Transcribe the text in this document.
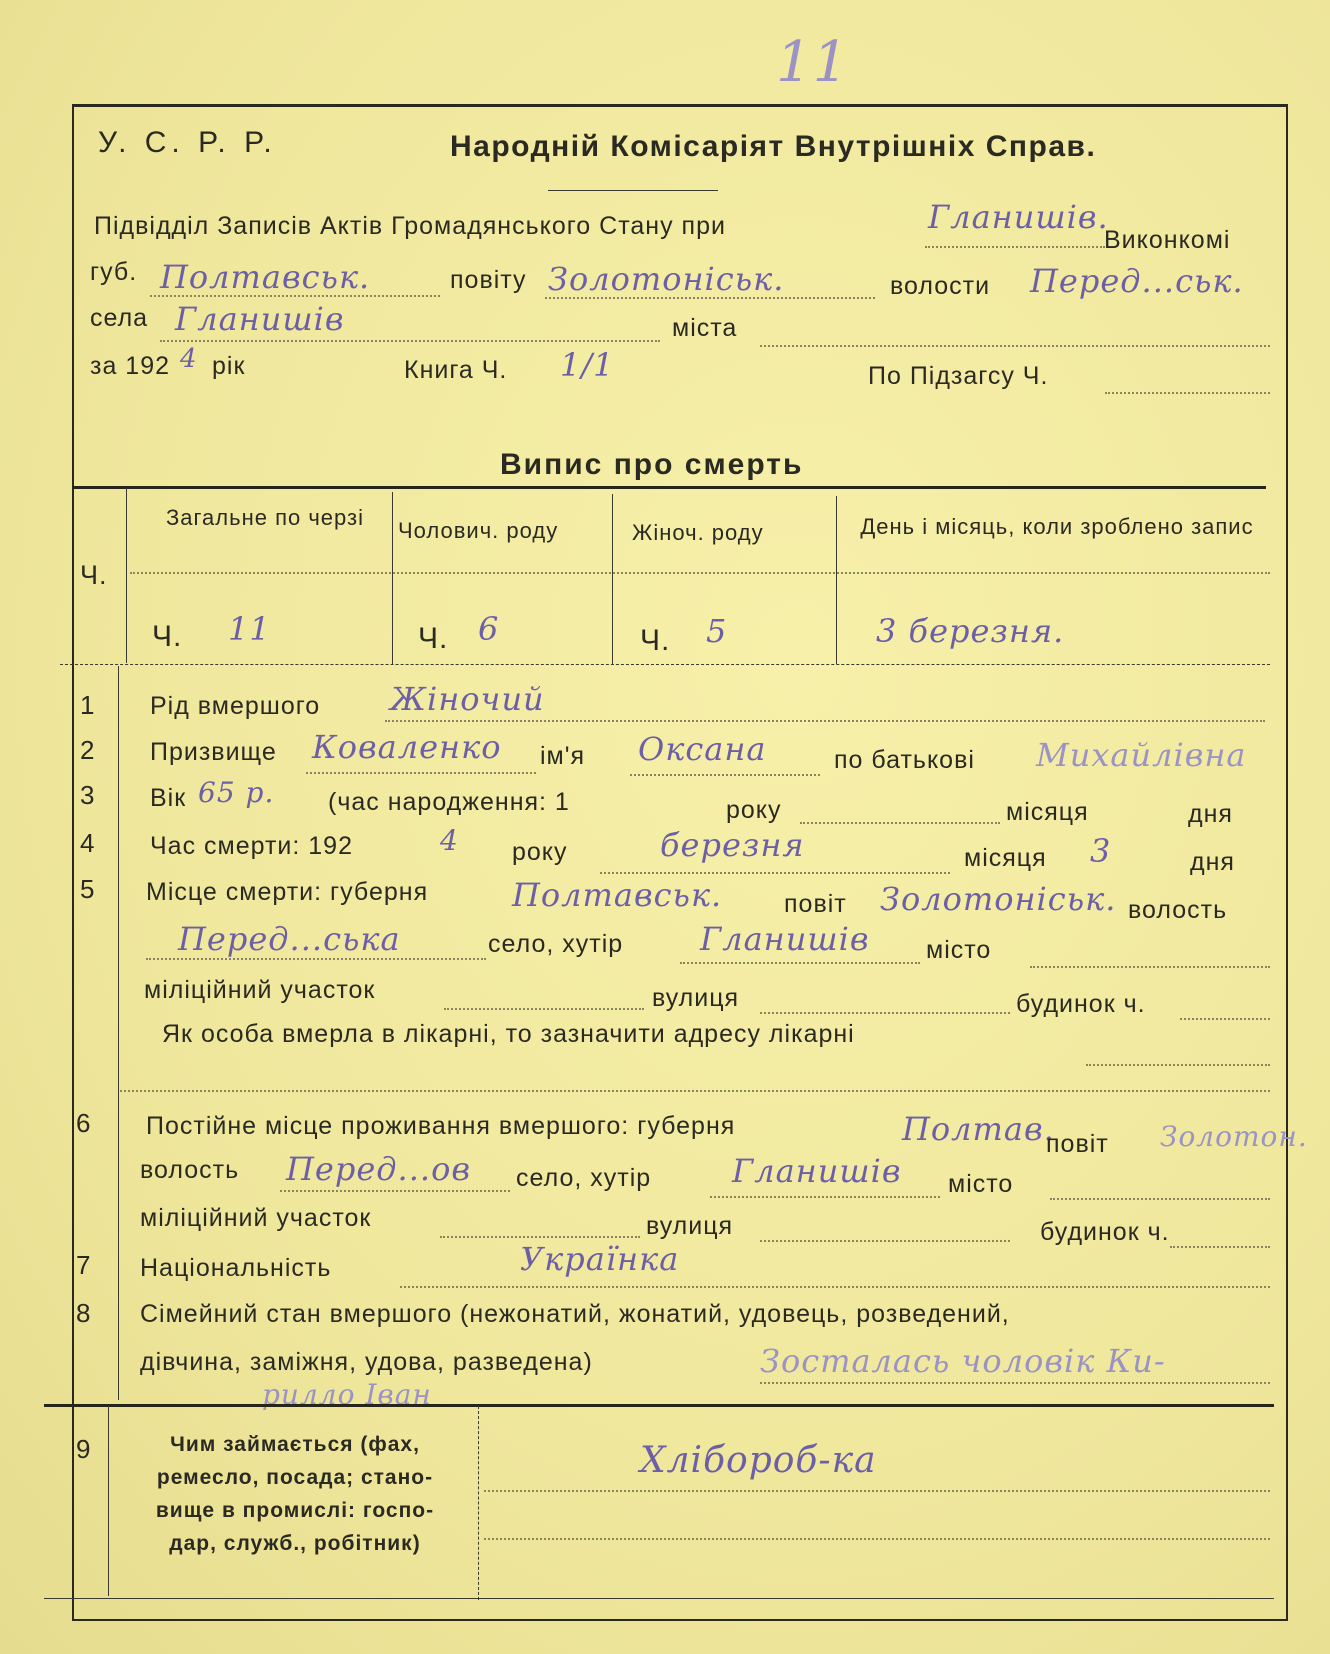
11
У. С. Р. Р.	Народній Комісаріят Внутрішніх Справ.
Підвідділ Записів Актів Громадянського Стану при	Гланишів.
Виконкомі
губ. Полтавськ.	повіту Золотоніськ.	волости Перед...ськ.
села Гланишів	міста
за 192 4 рік	Книга Ч. 1/1	По Підзагсу Ч.
Випис про смерть
Ч.
Загальне по черзі
Чолович. роду	Жіноч. роду	День і місяць, коли зроблено запис
Ч. 11	Ч. 6	Ч. 5	3 березня.
1 Рід вмершого Жіночий
2 Призвище Коваленко ім'я Оксана	по батькові Михайлівна
3 Вік 65 р. (час народження: 1	року	місяця	дня
4 Час смерти: 192	4 року	березня	місяця 3	дня
5 Місце смерти: губерня	Полтавськ. повіт Золотоніськ. волость
Перед...ська	село, хутір Гланишів місто
міліційний участок	вулиця	будинок ч.
Як особа вмерла в лікарні, то зазначити адресу лікарні
6 Постійне місце проживання вмершого: губерня	Полтав.
повіт Золотон.
волость Перед...ов село, хутір	Гланишів місто
міліційний участок	вулиця	будинок ч.
7 Національність	Українка
8 Сімейний стан вмершого (нежонатий, жонатий, удовець, розведений,
дівчина, заміжня, удова, разведена)	Зосталась чоловік Ки-
рилло Іван
9	Чим займається (фах,
ремесло, посада; стано-
вище в промислі: госпо-
дар, служб., робітник)
Хлібороб-ка
